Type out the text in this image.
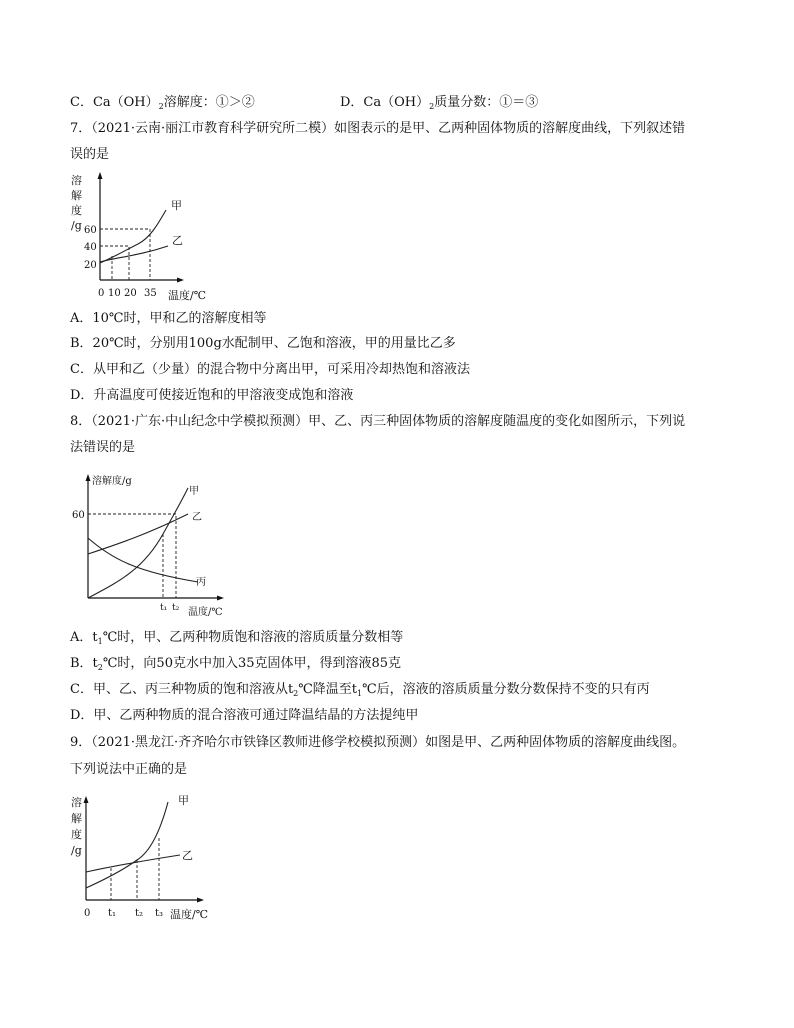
C．$Ca(OH)_2$溶解度：①＞②	D．$Ca(OH)_2$质量分数：①＝③
7．（2021·云南·丽江市教育科学研究所二模）如图表示的是甲、乙两种固体物质的溶解度曲线，下列叙述错
误的是
溶
解
度
/g 60
40
20
0 10 20 35 温度/℃
甲
乙
A．10℃时，甲和乙的溶解度相等
B．20℃时，分别用100g水配制甲、乙饱和溶液，甲的用量比乙多
C．从甲和乙（少量）的混合物中分离出甲，可采用冷却热饱和溶液法
D．升高温度可使接近饱和的甲溶液变成饱和溶液
8．（2021·广东·中山纪念中学模拟预测）甲、乙、丙三种固体物质的溶解度随温度的变化如图所示，下列说
法错误的是
溶解度/g
60
t₁ t₂ 温度/℃
甲
乙
丙
A．$t_1℃$时，甲、乙两种物质饱和溶液的溶质质量分数相等
B．$t_2℃$时，向50克水中加入35克固体甲，得到溶液85克
C．甲、乙、丙三种物质的饱和溶液从$t_2℃$降温至$t_1℃$后，溶液的溶质质量分数分数保持不变的只有丙
D．甲、乙两种物质的混合溶液可通过降温结晶的方法提纯甲
9．（2021·黑龙江·齐齐哈尔市铁锋区教师进修学校模拟预测）如图是甲、乙两种固体物质的溶解度曲线图。
下列说法中正确的是
溶
解
度
/g
0 t₁ t₂ t₃ 温度/℃
甲
乙
